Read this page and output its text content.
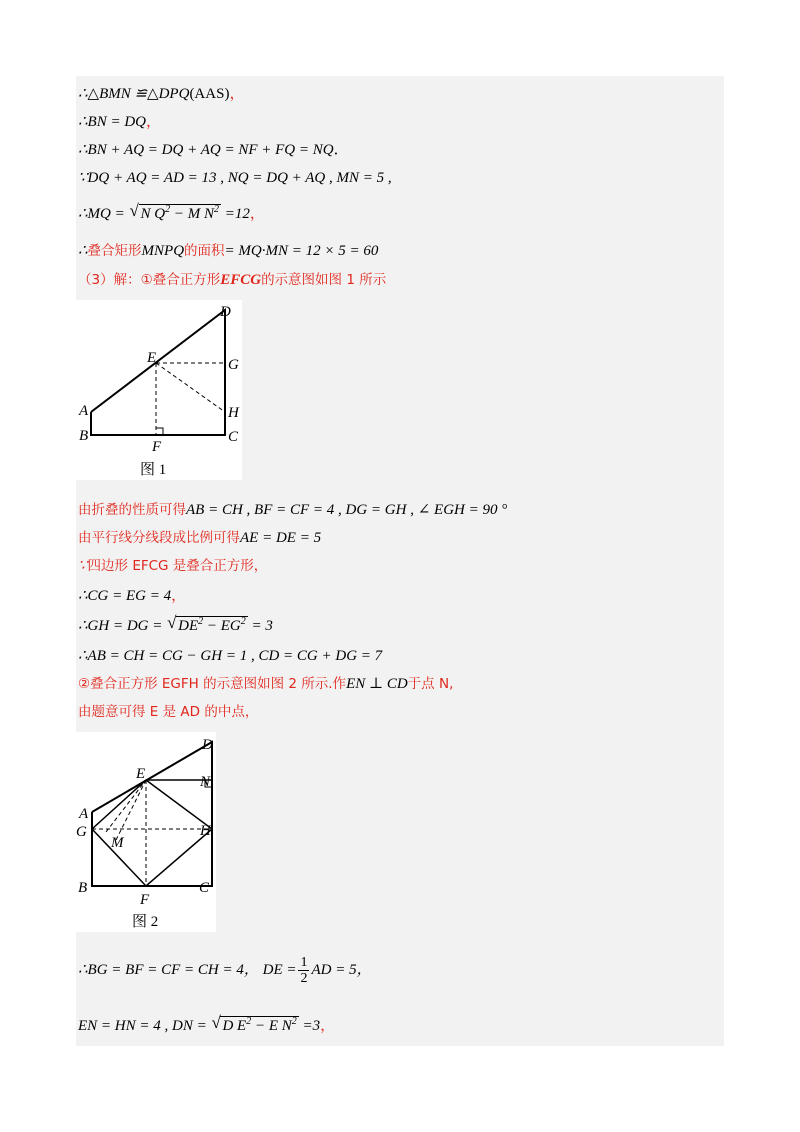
∴△BMN ≌△DPQ(AAS)，
∴BN = DQ，
∴BN + AQ = DQ + AQ = NF + FQ = NQ．
∵DQ + AQ = AD = 13 , NQ = DQ + AQ , MN = 5 ,
∴MQ = √ N $Q^2 - M$ $N^2 =12$，
∴叠合矩形MNPQ的面积= MQ·MN = 12 × 5 = 60
（3）解：①叠合正方形EFCG的示意图如图 1 所示
D
E	G
H
A
B	C
F
图 1
由折叠的性质可得AB = CH , BF = CF = 4 , DG = GH , ∠ EGH = 90 °
由平行线分线段成比例可得AE = DE = 5
∵四边形 EFCG 是叠合正方形，
∴CG = EG = 4，
∴GH = DG = √ $DE^2 - EG^2 = 3$
∴AB = CH = CG − GH = 1 , CD = CG + DG = 7
②叠合正方形 EGFH 的示意图如图 2 所示.作EN ⊥ CD于点 N,
由题意可得 E 是 AD 的中点，
D
E	N
A
G
M
H
B	C
F
图 2
∴BG = BF = CF = CH = 4， DE = $\frac{1}{2}$ AD = 5，
EN = HN = 4 , DN = √ D $E^2 - E$ $N^2 =3$，
